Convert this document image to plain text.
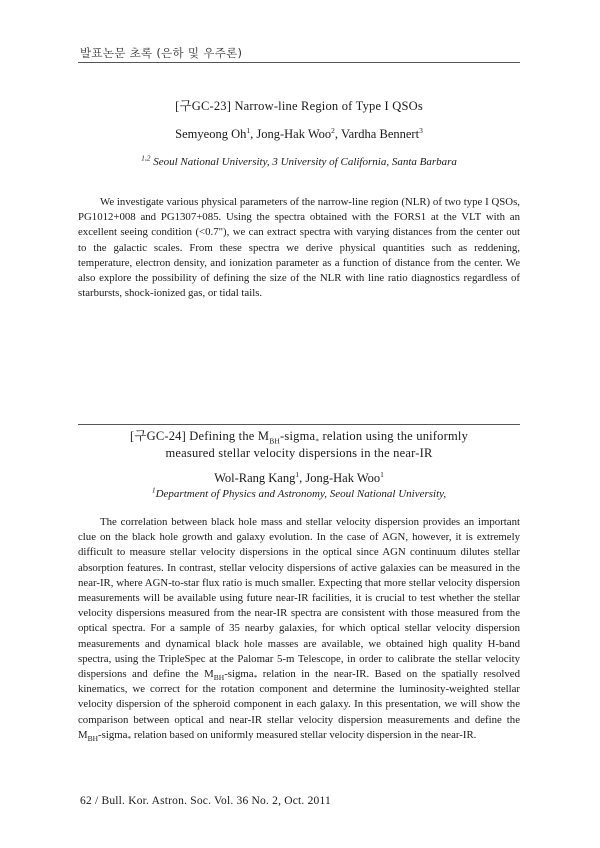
발표논문 초록 (은하 및 우주론)
[구GC-23] Narrow-line Region of Type I QSOs
Semyeong Oh$^1$, Jong-Hak Woo$^2$, Vardha Bennert$^3$
$^{1,2}$ Seoul National University, 3 University of California, Santa Barbara

We investigate various physical parameters of the narrow-line region (NLR) of two type I QSOs, PG1012+008 and PG1307+085. Using the spectra obtained with the FORS1 at the VLT with an excellent seeing condition (<0.7"), we can extract spectra with varying distances from the center out to the galactic scales. From these spectra we derive physical quantities such as reddening, temperature, electron density, and ionization parameter as a function of distance from the center. We also explore the possibility of defining the size of the NLR with line ratio diagnostics regardless of starbursts, shock-ionized gas, or tidal tails.

[구GC-24] Defining the $M_{BH}-sigma_*$ relation using the uniformly
measured stellar velocity dispersions in the near-IR
Wol-Rang Kang$^1$, Jong-Hak Woo$^1$
$^1$Department of Physics and Astronomy, Seoul National University,

The correlation between black hole mass and stellar velocity dispersion provides an important clue on the black hole growth and galaxy evolution. In the case of AGN, however, it is extremely difficult to measure stellar velocity dispersions in the optical since AGN continuum dilutes stellar absorption features. In contrast, stellar velocity dispersions of active galaxies can be measured in the near-IR, where AGN-to-star flux ratio is much smaller. Expecting that more stellar velocity dispersion measurements will be available using future near-IR facilities, it is crucial to test whether the stellar velocity dispersions measured from the near-IR spectra are consistent with those measured from the optical spectra. For a sample of 35 nearby galaxies, for which optical stellar velocity dispersion measurements and dynamical black hole masses are available, we obtained high quality H-band spectra, using the TripleSpec at the Palomar 5-m Telescope, in order to calibrate the stellar velocity dispersions and define the $M_{BH}-sigma_*$ relation in the near-IR. Based on the spatially resolved kinematics, we correct for the rotation component and determine the luminosity-weighted stellar velocity dispersion of the spheroid component in each galaxy. In this presentation, we will show the comparison between optical and near-IR stellar velocity dispersion measurements and define the $M_{BH}-sigma_*$ relation based on uniformly measured stellar velocity dispersion in the near-IR.

62 / Bull. Kor. Astron. Soc. Vol. 36 No. 2, Oct. 2011
